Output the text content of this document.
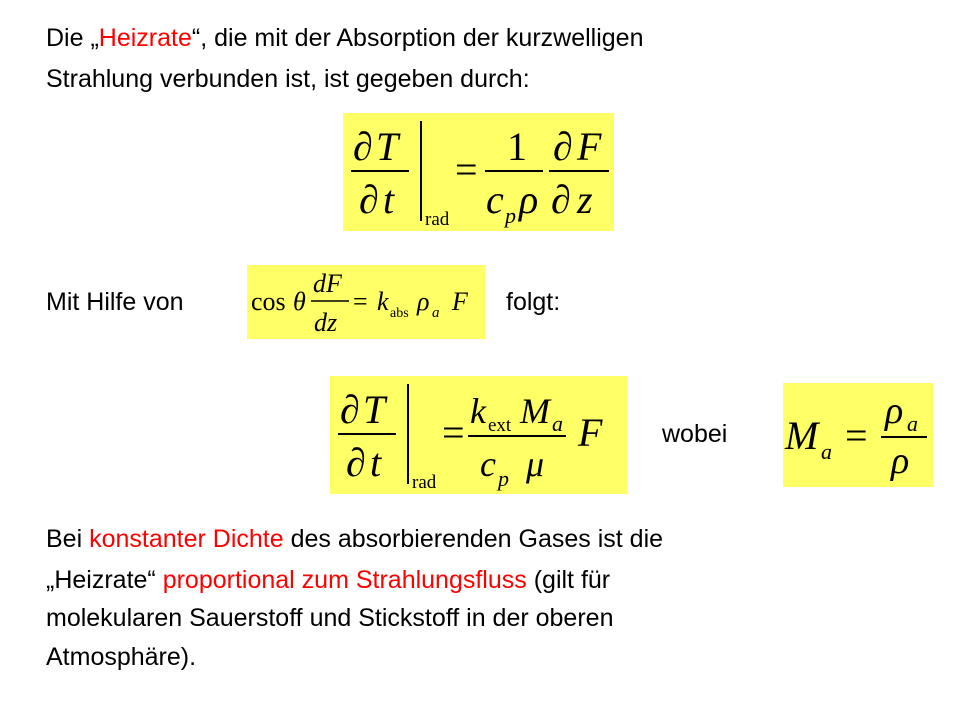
Die „Heizrate“, die mit der Absorption der kurzwelligen
Strahlung verbunden ist, ist gegeben durch:
∂ T
∂ t rad
=
1
c p ρ
∂ F
∂ z
Mit Hilfe von	cos θ
dF
dz
= k abs ρ a F folgt:
∂ T
∂ t rad
= k ext M a
c p μ
F wobei M a =
ρ a
ρ
Bei konstanter Dichte des absorbierenden Gases ist die
„Heizrate“ proportional zum Strahlungsfluss (gilt für
molekularen Sauerstoff und Stickstoff in der oberen
Atmosphäre).
